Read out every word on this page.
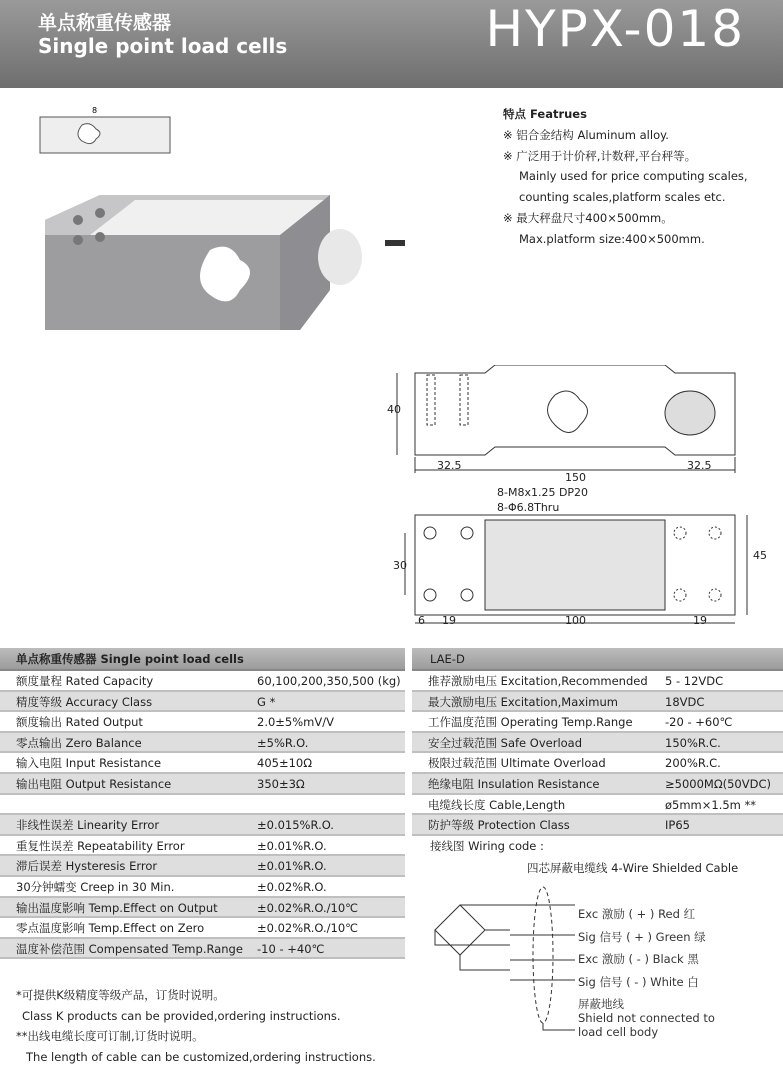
单点称重传感器
Single point load cells	HYPX-018
8	特点 Featrues
※ 铝合金结构 Aluminum alloy.
※ 广泛用于计价秤,计数秤,平台秤等。
Mainly used for price computing scales,
counting scales,platform scales etc.
※ 最大秤盘尺寸400×500mm。
Max.platform size:400×500mm.
40
32.5
150
32.5
8-M8x1.25 DP20
8-Φ6.8Thru
30
45
6 19	100	19
单点称重传感器 Single point load cells
额度量程 Rated Capacity	60,100,200,350,500 (kg)
精度等级 Accuracy Class	G *
额度输出 Rated Output	2.0±5%mV/V
零点输出 Zero Balance	±5%R.O.
输入电阻 Input Resistance	405±10Ω
输出电阻 Output Resistance	350±3Ω
非线性误差 Linearity Error	±0.015%R.O.
重复性误差 Repeatability Error	±0.01%R.O.
滞后误差 Hysteresis Error	±0.01%R.O.
30分钟蠕变 Creep in 30 Min.	±0.02%R.O.
输出温度影响 Temp.Effect on Output	±0.02%R.O./10℃
零点温度影响 Temp.Effect on Zero	±0.02%R.O./10℃
温度补偿范围 Compensated Temp.Range -10 - +40℃
LAE-D
推荐激励电压 Excitation,Recommended 5 - 12VDC
最大激励电压 Excitation,Maximum	18VDC
工作温度范围 Operating Temp.Range	-20 - +60℃
安全过载范围 Safe Overload	150%R.C.
极限过载范围 Ultimate Overload	200%R.C.
绝缘电阻 Insulation Resistance	≥5000MΩ(50VDC)
电缆线长度 Cable,Length	ø5mm×1.5m **
防护等级 Protection Class	IP65
接线图 Wiring code :
四芯屏蔽电缆线 4-Wire Shielded Cable
Exc 激励 ( + ) Red 红
Sig 信号 ( + ) Green 绿
Exc 激励 ( - ) Black 黑
Sig 信号 ( - ) White 白
屏蔽地线
Shield not connected to
load cell body
*可提供K级精度等级产品，订货时说明。
Class K products can be provided,ordering instructions.
**出线电缆长度可订制,订货时说明。
The length of cable can be customized,ordering instructions.
